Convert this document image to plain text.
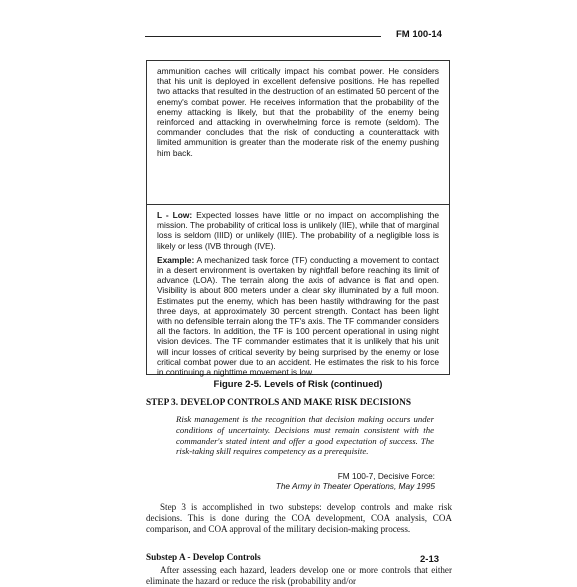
FM 100-14

ammunition caches will critically impact his combat power. He considers that his unit is deployed in excellent defensive positions. He has repelled two attacks that resulted in the destruction of an estimated 50 percent of the enemy's combat power. He receives information that the probability of the enemy attacking is likely, but that the probability of the enemy being reinforced and attacking in overwhelming force is remote (seldom). The commander concludes that the risk of conducting a counterattack with limited ammunition is greater than the moderate risk of the enemy pushing him back.

L - Low: Expected losses have little or no impact on accomplishing the mission. The probability of critical loss is unlikely (IIE), while that of marginal loss is seldom (IIID) or unlikely (IIIE). The probability of a negligible loss is likely or less (IVB through (IVE).

Example: A mechanized task force (TF) conducting a movement to contact in a desert environment is overtaken by nightfall before reaching its limit of advance (LOA). The terrain along the axis of advance is flat and open. Visibility is about 800 meters under a clear sky illuminated by a full moon. Estimates put the enemy, which has been hastily withdrawing for the past three days, at approximately 30 percent strength. Contact has been light with no defensible terrain along the TF's axis. The TF commander considers all the factors. In addition, the TF is 100 percent operational in using night vision devices. The TF commander estimates that it is unlikely that his unit will incur losses of critical severity by being surprised by the enemy or lose critical combat power due to an accident. He estimates the risk to his force in continuing a nighttime movement is low.

Figure 2-5. Levels of Risk (continued)
STEP 3. DEVELOP CONTROLS AND MAKE RISK DECISIONS
Risk management is the recognition that decision making occurs under conditions of uncertainty. Decisions must remain consistent with the commander's stated intent and offer a good expectation of success. The risk-taking skill requires competency as a prerequisite.
FM 100-7, Decisive Force:
The Army in Theater Operations, May 1995
Step 3 is accomplished in two substeps: develop controls and make risk decisions. This is done during the COA development, COA analysis, COA comparison, and COA approval of the military decision-making process.
Substep A - Develop Controls
After assessing each hazard, leaders develop one or more controls that either eliminate the hazard or reduce the risk (probability and/or
2-13
